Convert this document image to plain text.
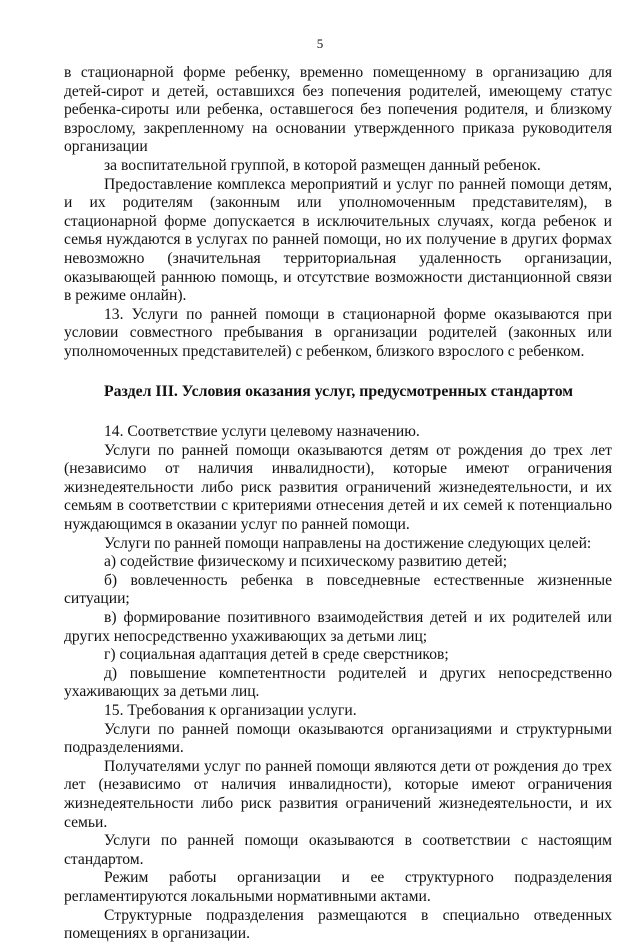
5

в стационарной форме ребенку, временно помещенному в организацию для детей-сирот и детей, оставшихся без попечения родителей, имеющему статус ребенка-сироты или ребенка, оставшегося без попечения родителя, и близкому взрослому, закрепленному на основании утвержденного приказа руководителя организации

за воспитательной группой, в которой размещен данный ребенок.

Предоставление комплекса мероприятий и услуг по ранней помощи детям, и их родителям (законным или уполномоченным представителям), в стационарной форме допускается в исключительных случаях, когда ребенок и семья нуждаются в услугах по ранней помощи, но их получение в других формах невозможно (значительная территориальная удаленность организации, оказывающей раннюю помощь, и отсутствие возможности дистанционной связи в режиме онлайн).

13. Услуги по ранней помощи в стационарной форме оказываются при условии совместного пребывания в организации родителей (законных или уполномоченных представителей) с ребенком, близкого взрослого с ребенком.

Раздел III. Условия оказания услуг, предусмотренных стандартом

14. Соответствие услуги целевому назначению.

Услуги по ранней помощи оказываются детям от рождения до трех лет (независимо от наличия инвалидности), которые имеют ограничения жизнедеятельности либо риск развития ограничений жизнедеятельности, и их семьям в соответствии с критериями отнесения детей и их семей к потенциально нуждающимся в оказании услуг по ранней помощи.

Услуги по ранней помощи направлены на достижение следующих целей:

а) содействие физическому и психическому развитию детей;

б) вовлеченность ребенка в повседневные естественные жизненные ситуации;

в) формирование позитивного взаимодействия детей и их родителей или других непосредственно ухаживающих за детьми лиц;

г) социальная адаптация детей в среде сверстников;

д) повышение компетентности родителей и других непосредственно ухаживающих за детьми лиц.

15. Требования к организации услуги.

Услуги по ранней помощи оказываются организациями и структурными подразделениями.

Получателями услуг по ранней помощи являются дети от рождения до трех лет (независимо от наличия инвалидности), которые имеют ограничения жизнедеятельности либо риск развития ограничений жизнедеятельности, и их семьи.

Услуги по ранней помощи оказываются в соответствии с настоящим стандартом.

Режим работы организации и ее структурного подразделения регламентируются локальными нормативными актами.

Структурные подразделения размещаются в специально отведенных помещениях в организации.
